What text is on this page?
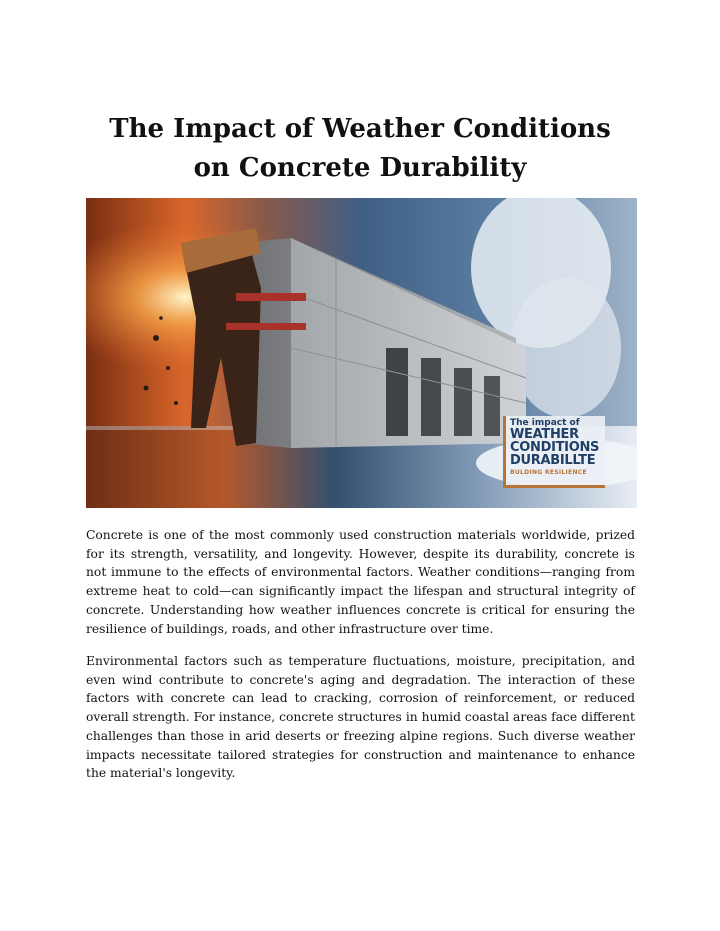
The Impact of Weather Conditions
on Concrete Durability
The impact of
WEATHER
CONDITIONS
DURABILLTE
BULDING RESILIENCE

Concrete is one of the most commonly used construction materials worldwide, prized for its strength, versatility, and longevity. However, despite its durability, concrete is not immune to the effects of environmental factors. Weather conditions—ranging from extreme heat to cold—can significantly impact the lifespan and structural integrity of concrete. Understanding how weather influences concrete is critical for ensuring the resilience of buildings, roads, and other infrastructure over time.

Environmental factors such as temperature fluctuations, moisture, precipitation, and even wind contribute to concrete's aging and degradation. The interaction of these factors with concrete can lead to cracking, corrosion of reinforcement, or reduced overall strength. For instance, concrete structures in humid coastal areas face different challenges than those in arid deserts or freezing alpine regions. Such diverse weather impacts necessitate tailored strategies for construction and maintenance to enhance the material's longevity.
